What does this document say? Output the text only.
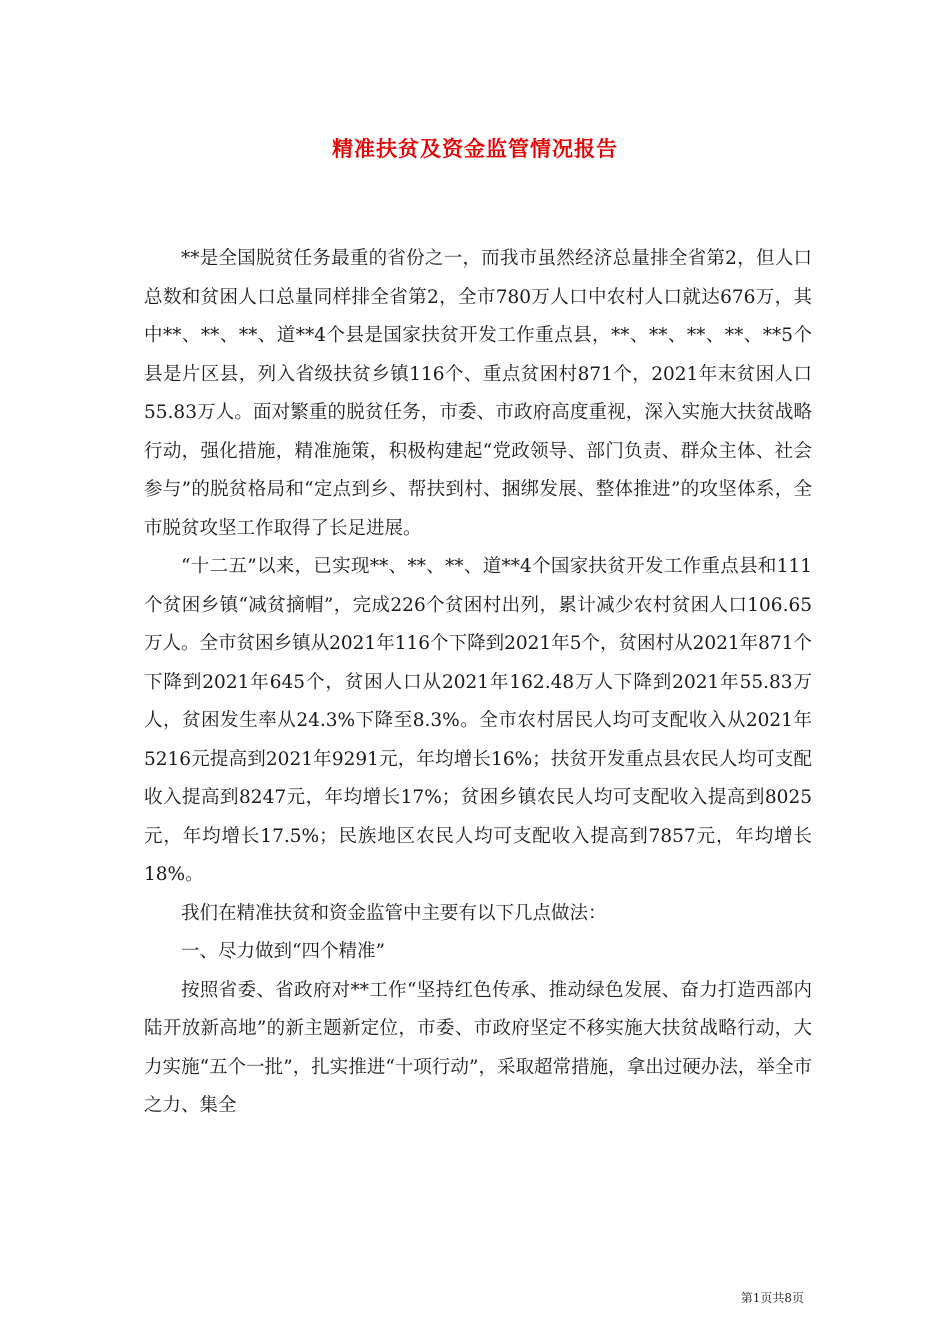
精准扶贫及资金监管情况报告

**是全国脱贫任务最重的省份之一，而我市虽然经济总量排全省第2，但人口总数和贫困人口总量同样排全省第2，全市780万人口中农村人口就达676万，其中**、**、**、道**4个县是国家扶贫开发工作重点县，**、**、**、**、**5个县是片区县，列入省级扶贫乡镇116个、重点贫困村871个，2021年末贫困人口55.83万人。面对繁重的脱贫任务，市委、市政府高度重视，深入实施大扶贫战略行动，强化措施，精准施策，积极构建起“党政领导、部门负责、群众主体、社会参与”的脱贫格局和“定点到乡、帮扶到村、捆绑发展、整体推进”的攻坚体系，全市脱贫攻坚工作取得了长足进展。

“十二五”以来，已实现**、**、**、道**4个国家扶贫开发工作重点县和111个贫困乡镇“减贫摘帽”，完成226个贫困村出列，累计减少农村贫困人口106.65万人。全市贫困乡镇从2021年116个下降到2021年5个，贫困村从2021年871个下降到2021年645个，贫困人口从2021年162.48万人下降到2021年55.83万人，贫困发生率从24.3%下降至8.3%。全市农村居民人均可支配收入从2021年5216元提高到2021年9291元，年均增长16%；扶贫开发重点县农民人均可支配收入提高到8247元，年均增长17%；贫困乡镇农民人均可支配收入提高到8025元，年均增长17.5%；民族地区农民人均可支配收入提高到7857元，年均增长18%。

我们在精准扶贫和资金监管中主要有以下几点做法：

一、尽力做到“四个精准”

按照省委、省政府对**工作“坚持红色传承、推动绿色发展、奋力打造西部内陆开放新高地”的新主题新定位，市委、市政府坚定不移实施大扶贫战略行动，大力实施“五个一批”，扎实推进“十项行动”，采取超常措施，拿出过硬办法，举全市之力、集全

第1页共8页
